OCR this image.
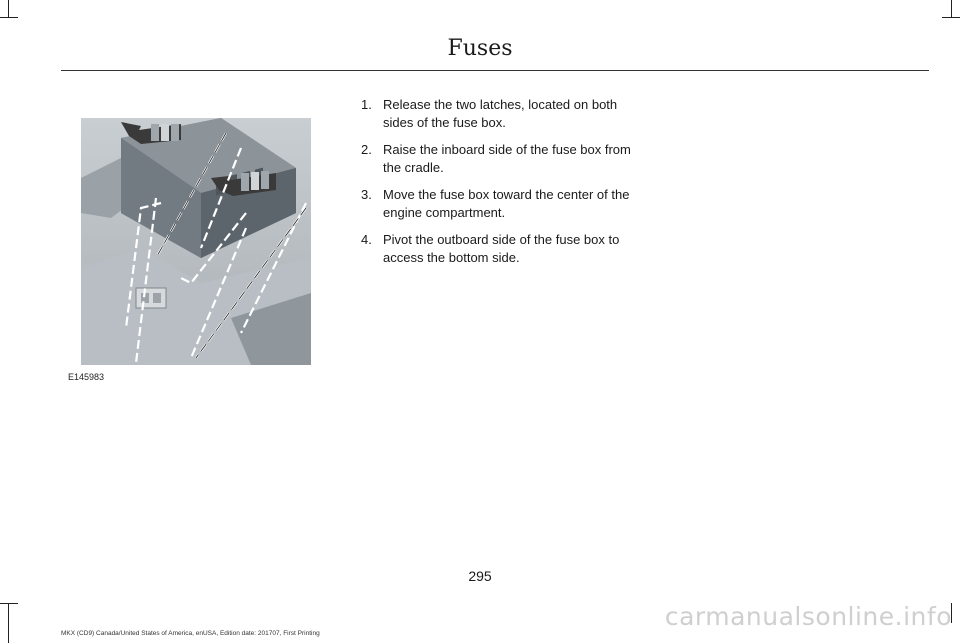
Fuses
E145983
1. Release the two latches, located on both sides of the fuse box.
2. Raise the inboard side of the fuse box from the cradle.
3. Move the fuse box toward the center of the engine compartment.
4. Pivot the outboard side of the fuse box to access the bottom side.
295
MKX (CD9) Canada/United States of America, enUSA, Edition date: 201707, First Printing
carmanualsonline.info
